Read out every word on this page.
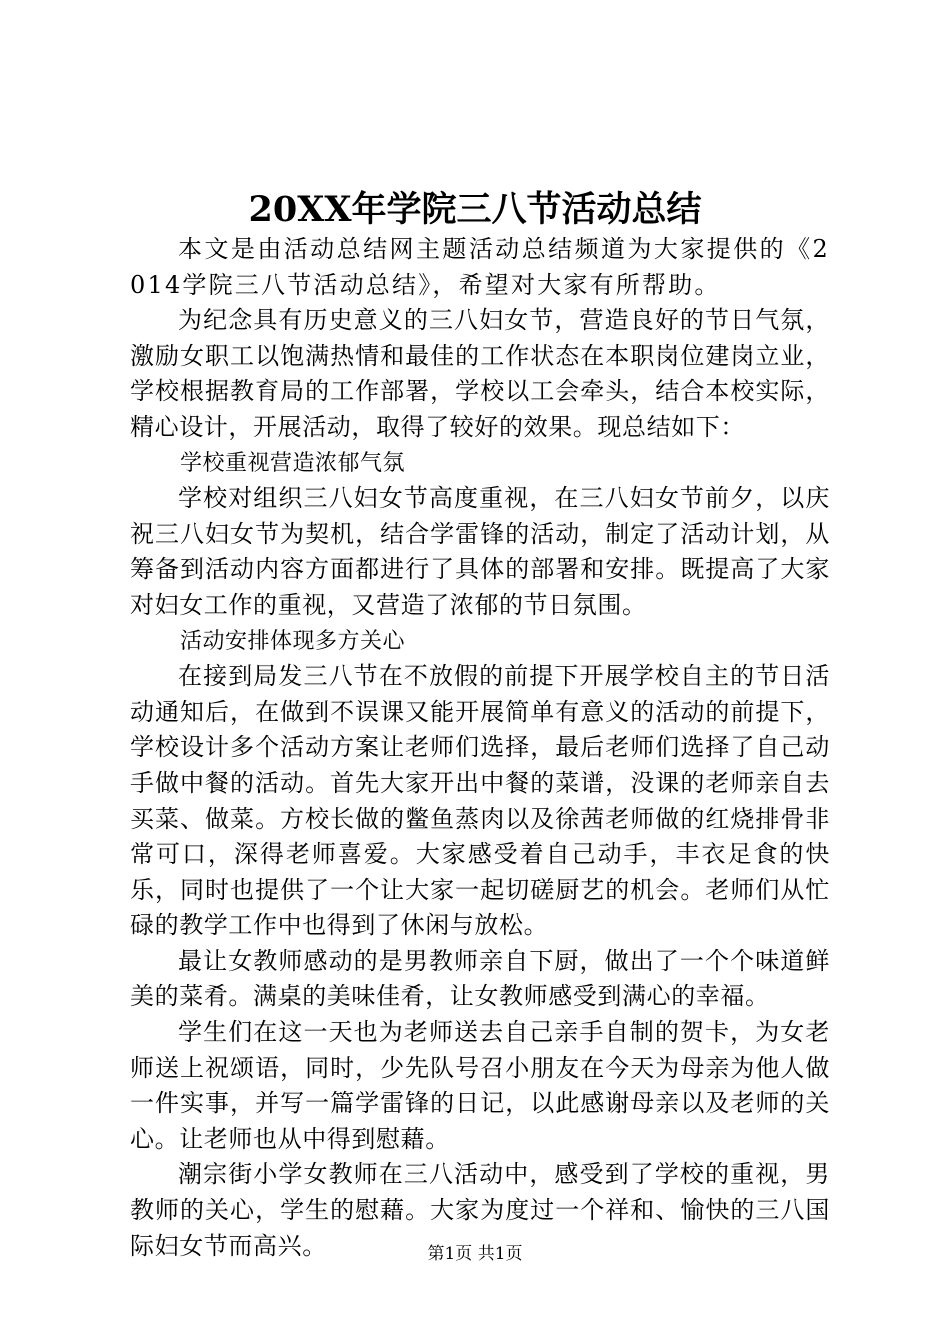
20XX年学院三八节活动总结

本文是由活动总结网主题活动总结频道为大家提供的《2014学院三八节活动总结》，希望对大家有所帮助。

为纪念具有历史意义的三八妇女节，营造良好的节日气氛，激励女职工以饱满热情和最佳的工作状态在本职岗位建岗立业，学校根据教育局的工作部署，学校以工会牵头，结合本校实际，精心设计，开展活动，取得了较好的效果。现总结如下：

学校重视营造浓郁气氛

学校对组织三八妇女节高度重视，在三八妇女节前夕，以庆祝三八妇女节为契机，结合学雷锋的活动，制定了活动计划，从筹备到活动内容方面都进行了具体的部署和安排。既提高了大家对妇女工作的重视，又营造了浓郁的节日氛围。

活动安排体现多方关心

在接到局发三八节在不放假的前提下开展学校自主的节日活动通知后，在做到不误课又能开展简单有意义的活动的前提下，学校设计多个活动方案让老师们选择，最后老师们选择了自己动手做中餐的活动。首先大家开出中餐的菜谱，没课的老师亲自去买菜、做菜。方校长做的鳖鱼蒸肉以及徐茜老师做的红烧排骨非常可口，深得老师喜爱。大家感受着自己动手，丰衣足食的快乐，同时也提供了一个让大家一起切磋厨艺的机会。老师们从忙碌的教学工作中也得到了休闲与放松。

最让女教师感动的是男教师亲自下厨，做出了一个个味道鲜美的菜肴。满桌的美味佳肴，让女教师感受到满心的幸福。

学生们在这一天也为老师送去自己亲手自制的贺卡，为女老师送上祝颂语，同时，少先队号召小朋友在今天为母亲为他人做一件实事，并写一篇学雷锋的日记，以此感谢母亲以及老师的关心。让老师也从中得到慰藉。

潮宗街小学女教师在三八活动中，感受到了学校的重视，男教师的关心，学生的慰藉。大家为度过一个祥和、愉快的三八国际妇女节而高兴。	第1页 共1页
